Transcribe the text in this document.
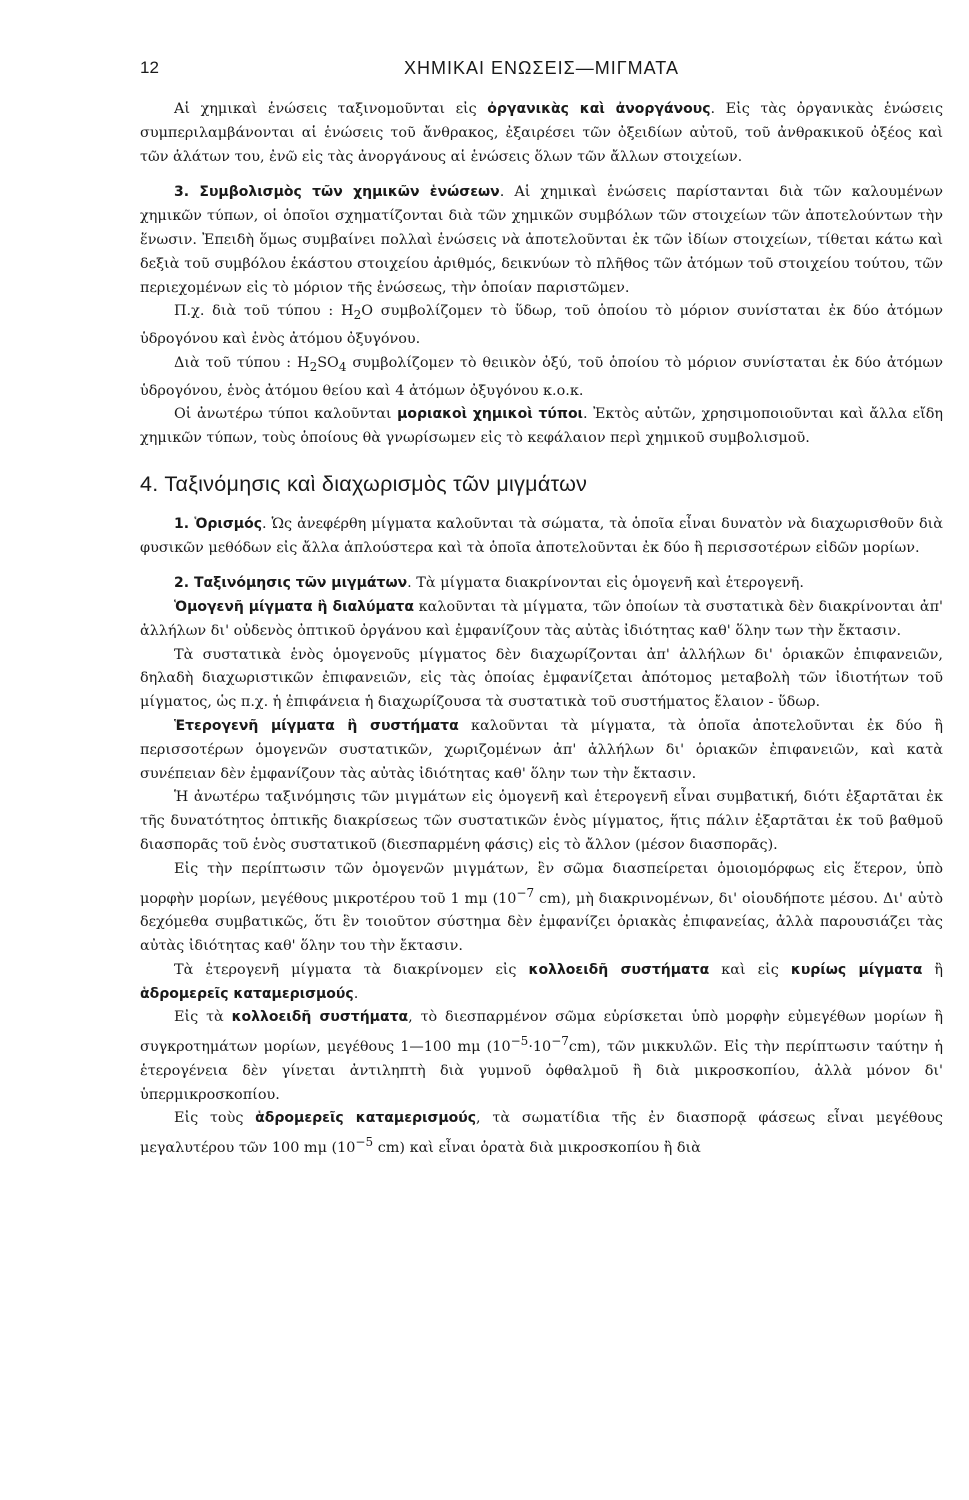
12	ΧΗΜΙΚΑΙ ΕΝΩΣΕΙΣ—ΜΙΓΜΑΤΑ

Αἱ χημικαὶ ἑνώσεις ταξινομοῦνται εἰς ὀργανικὰς καὶ ἀνοργάνους. Εἰς τὰς ὀργανικὰς ἑνώσεις συμπεριλαμβάνονται αἱ ἑνώσεις τοῦ ἄνθρακος, ἐξαιρέσει τῶν ὀξειδίων αὐτοῦ, τοῦ ἀνθρακικοῦ ὀξέος καὶ τῶν ἁλάτων του, ἐνῶ εἰς τὰς ἀνοργάνους αἱ ἑνώσεις ὅλων τῶν ἄλλων στοιχείων.

3. Συμβολισμὸς τῶν χημικῶν ἑνώσεων. Αἱ χημικαὶ ἑνώσεις παρίστανται διὰ τῶν καλουμένων χημικῶν τύπων, οἱ ὁποῖοι σχηματίζονται διὰ τῶν χημικῶν συμβόλων τῶν στοιχείων τῶν ἀποτελούντων τὴν ἕνωσιν. Ἐπειδὴ ὅμως συμβαίνει πολλαὶ ἑνώσεις νὰ ἀποτελοῦνται ἐκ τῶν ἰδίων στοιχείων, τίθεται κάτω καὶ δεξιὰ τοῦ συμβόλου ἑκάστου στοιχείου ἀριθμός, δεικνύων τὸ πλῆθος τῶν ἀτόμων τοῦ στοιχείου τούτου, τῶν περιεχομένων εἰς τὸ μόριον τῆς ἑνώσεως, τὴν ὁποίαν παριστῶμεν.

Π.χ. διὰ τοῦ τύπου : $H_2O$ συμβολίζομεν τὸ ὕδωρ, τοῦ ὁποίου τὸ μόριον συνίσταται ἐκ δύο ἀτόμων ὑδρογόνου καὶ ἑνὸς ἀτόμου ὀξυγόνου.

Διὰ τοῦ τύπου : $H_2SO_4$ συμβολίζομεν τὸ θειικὸν ὀξύ, τοῦ ὁποίου τὸ μόριον συνίσταται ἐκ δύο ἀτόμων ὑδρογόνου, ἑνὸς ἀτόμου θείου καὶ 4 ἀτόμων ὀξυγόνου κ.ο.κ.

Οἱ ἀνωτέρω τύποι καλοῦνται μοριακοὶ χημικοὶ τύποι. Ἐκτὸς αὐτῶν, χρησιμοποιοῦνται καὶ ἄλλα εἴδη χημικῶν τύπων, τοὺς ὁποίους θὰ γνωρίσωμεν εἰς τὸ κεφάλαιον περὶ χημικοῦ συμβολισμοῦ.

4. Ταξινόμησις καὶ διαχωρισμὸς τῶν μιγμάτων

1. Ὁρισμός. Ὡς ἀνεφέρθη μίγματα καλοῦνται τὰ σώματα, τὰ ὁποῖα εἶναι δυνατὸν νὰ διαχωρισθοῦν διὰ φυσικῶν μεθόδων εἰς ἄλλα ἁπλούστερα καὶ τὰ ὁποῖα ἀποτελοῦνται ἐκ δύο ἢ περισσοτέρων εἰδῶν μορίων.

2. Ταξινόμησις τῶν μιγμάτων. Τὰ μίγματα διακρίνονται εἰς ὁμογενῆ καὶ ἑτερογενῆ.

Ὁμογενῆ μίγματα ἢ διαλύματα καλοῦνται τὰ μίγματα, τῶν ὁποίων τὰ συστατικὰ δὲν διακρίνονται ἀπ' ἀλλήλων δι' οὐδενὸς ὀπτικοῦ ὀργάνου καὶ ἐμφανίζουν τὰς αὐτὰς ἰδιότητας καθ' ὅλην των τὴν ἔκτασιν.

Τὰ συστατικὰ ἑνὸς ὁμογενοῦς μίγματος δὲν διαχωρίζονται ἀπ' ἀλλήλων δι' ὁριακῶν ἐπιφανειῶν, δηλαδὴ διαχωριστικῶν ἐπιφανειῶν, εἰς τὰς ὁποίας ἐμφανίζεται ἀπότομος μεταβολὴ τῶν ἰδιοτήτων τοῦ μίγματος, ὡς π.χ. ἡ ἐπιφάνεια ἡ διαχωρίζουσα τὰ συστατικὰ τοῦ συστήματος ἔλαιον - ὕδωρ.

Ἑτερογενῆ μίγματα ἢ συστήματα καλοῦνται τὰ μίγματα, τὰ ὁποῖα ἀποτελοῦνται ἐκ δύο ἢ περισσοτέρων ὁμογενῶν συστατικῶν, χωριζομένων ἀπ' ἀλλήλων δι' ὁριακῶν ἐπιφανειῶν, καὶ κατὰ συνέπειαν δὲν ἐμφανίζουν τὰς αὐτὰς ἰδιότητας καθ' ὅλην των τὴν ἔκτασιν.

Ἡ ἀνωτέρω ταξινόμησις τῶν μιγμάτων εἰς ὁμογενῆ καὶ ἑτερογενῆ εἶναι συμβατική, διότι ἐξαρτᾶται ἐκ τῆς δυνατότητος ὀπτικῆς διακρίσεως τῶν συστατικῶν ἑνὸς μίγματος, ἥτις πάλιν ἐξαρτᾶται ἐκ τοῦ βαθμοῦ διασπορᾶς τοῦ ἑνὸς συστατικοῦ (διεσπαρμένη φάσις) εἰς τὸ ἄλλον (μέσον διασπορᾶς).

Εἰς τὴν περίπτωσιν τῶν ὁμογενῶν μιγμάτων, ἓν σῶμα διασπείρεται ὁμοιομόρφως εἰς ἕτερον, ὑπὸ μορφὴν μορίων, μεγέθους μικροτέρου τοῦ 1 mμ ($10^{-7}$ cm), μὴ διακρινομένων, δι' οἱουδήποτε μέσου. Δι' αὐτὸ δεχόμεθα συμβατικῶς, ὅτι ἓν τοιοῦτον σύστημα δὲν ἐμφανίζει ὁριακὰς ἐπιφανείας, ἀλλὰ παρουσιάζει τὰς αὐτὰς ἰδιότητας καθ' ὅλην του τὴν ἔκτασιν.

Τὰ ἑτερογενῆ μίγματα τὰ διακρίνομεν εἰς κολλοειδῆ συστήματα καὶ εἰς κυρίως μίγματα ἢ ἁδρομερεῖς καταμερισμούς.

Εἰς τὰ κολλοειδῆ συστήματα, τὸ διεσπαρμένον σῶμα εὑρίσκεται ὑπὸ μορφὴν εὐμεγέθων μορίων ἢ συγκροτημάτων μορίων, μεγέθους 1—100 mμ $(10^{-5}\cdot 10^{-7}cm)$, τῶν μικκυλῶν. Εἰς τὴν περίπτωσιν ταύτην ἡ ἑτερογένεια δὲν γίνεται ἀντιληπτὴ διὰ γυμνοῦ ὀφθαλμοῦ ἢ διὰ μικροσκοπίου, ἀλλὰ μόνον δι' ὑπερμικροσκοπίου.

Εἰς τοὺς ἁδρομερεῖς καταμερισμούς, τὰ σωματίδια τῆς ἐν διασπορᾷ φάσεως εἶναι μεγέθους μεγαλυτέρου τῶν 100 mμ ($10^{-5}$ cm) καὶ εἶναι ὁρατὰ διὰ μικροσκοπίου ἢ διὰ
